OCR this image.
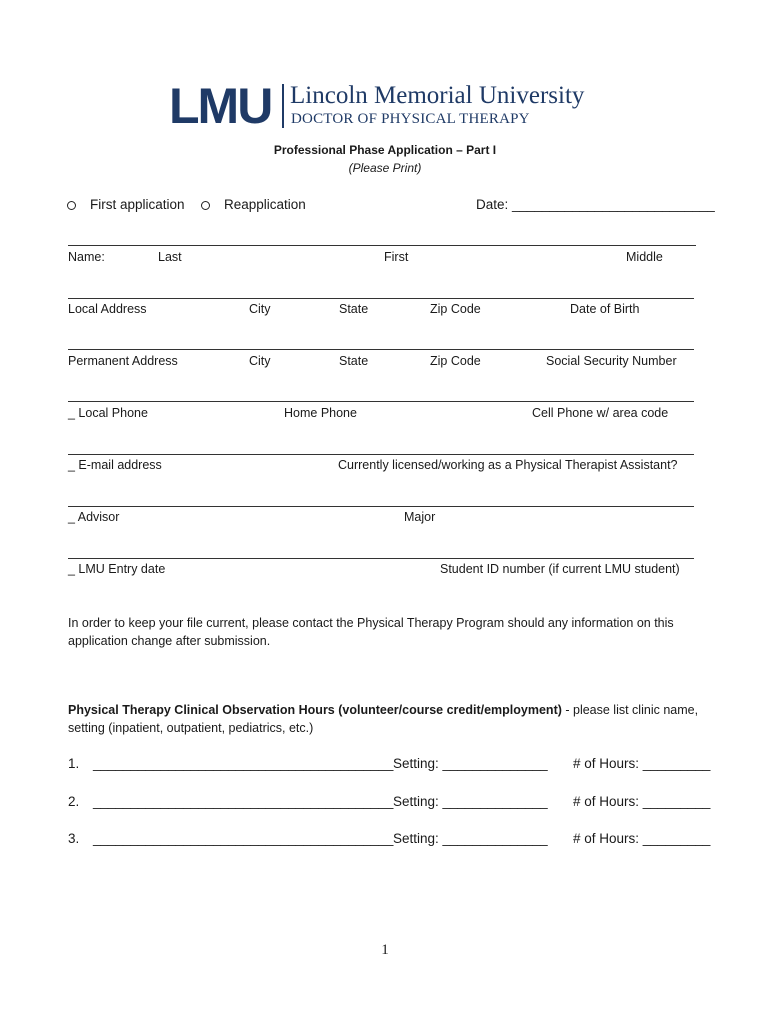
LMU Lincoln Memorial University
DOCTOR OF PHYSICAL THERAPY
Professional Phase Application – Part I
(Please Print)
First application	Reapplication	Date: ___________________________
Name:	Last	First	Middle
Local Address	City	State	Zip Code	Date of Birth
Permanent Address	City	State	Zip Code	Social Security Number
_ Local Phone	Home Phone	Cell Phone w/ area code
_ E-mail address	Currently licensed/working as a Physical Therapist Assistant?
_ Advisor	Major
_ LMU Entry date	Student ID number (if current LMU student)
In order to keep your file current, please contact the Physical Therapy Program should any information on this application change after submission.
Physical Therapy Clinical Observation Hours (volunteer/course credit/employment) - please list clinic name, setting (inpatient, outpatient, pediatrics, etc.)
1. ________________________________________ Setting: ______________ # of Hours: _________
2. ________________________________________ Setting: ______________ # of Hours: _________
3. ________________________________________ Setting: ______________ # of Hours: _________
1
